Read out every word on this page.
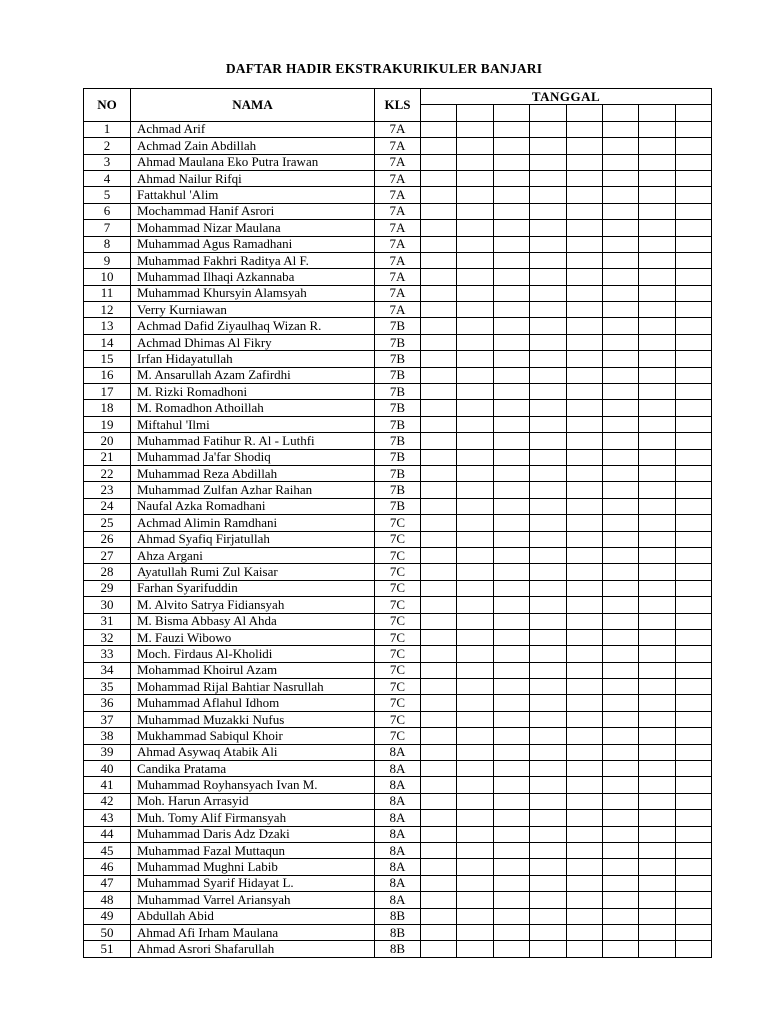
DAFTAR HADIR EKSTRAKURIKULER BANJARI
NO	NAMA	KLS	TANGGAL							

1	Achmad Arif	7A								
2	Achmad Zain Abdillah	7A								
3	Ahmad Maulana Eko Putra Irawan	7A								
4	Ahmad Nailur Rifqi	7A								
5	Fattakhul 'Alim	7A								
6	Mochammad Hanif Asrori	7A								
7	Mohammad Nizar Maulana	7A								
8	Muhammad Agus Ramadhani	7A								
9	Muhammad Fakhri Raditya Al F.	7A								
10	Muhammad Ilhaqi Azkannaba	7A								
11	Muhammad Khursyin Alamsyah	7A								
12	Verry Kurniawan	7A								
13	Achmad Dafid Ziyaulhaq Wizan R.	7B								
14	Achmad Dhimas Al Fikry	7B								
15	Irfan Hidayatullah	7B								
16	M. Ansarullah Azam Zafirdhi	7B								
17	M. Rizki Romadhoni	7B								
18	M. Romadhon Athoillah	7B								
19	Miftahul 'Ilmi	7B								
20	Muhammad Fatihur R. Al - Luthfi	7B								
21	Muhammad Ja'far Shodiq	7B								
22	Muhammad Reza Abdillah	7B								
23	Muhammad Zulfan Azhar Raihan	7B								
24	Naufal Azka Romadhani	7B								
25	Achmad Alimin Ramdhani	7C								
26	Ahmad Syafiq Firjatullah	7C								
27	Ahza Argani	7C								
28	Ayatullah Rumi Zul Kaisar	7C								
29	Farhan Syarifuddin	7C								
30	M. Alvito Satrya Fidiansyah	7C								
31	M. Bisma Abbasy Al Ahda	7C								
32	M. Fauzi Wibowo	7C								
33	Moch. Firdaus Al-Kholidi	7C								
34	Mohammad Khoirul Azam	7C								
35	Mohammad Rijal Bahtiar Nasrullah	7C								
36	Muhammad Aflahul Idhom	7C								
37	Muhammad Muzakki Nufus	7C								
38	Mukhammad Sabiqul Khoir	7C								
39	Ahmad Asywaq Atabik Ali	8A								
40	Candika Pratama	8A								
41	Muhammad Royhansyach Ivan M.	8A								
42	Moh. Harun Arrasyid	8A								
43	Muh. Tomy Alif Firmansyah	8A								
44	Muhammad Daris Adz Dzaki	8A								
45	Muhammad Fazal Muttaqun	8A								
46	Muhammad Mughni Labib	8A								
47	Muhammad Syarif Hidayat L.	8A								
48	Muhammad Varrel Ariansyah	8A								
49	Abdullah Abid	8B								
50	Ahmad Afi Irham Maulana	8B								
51	Ahmad Asrori Shafarullah	8B								
